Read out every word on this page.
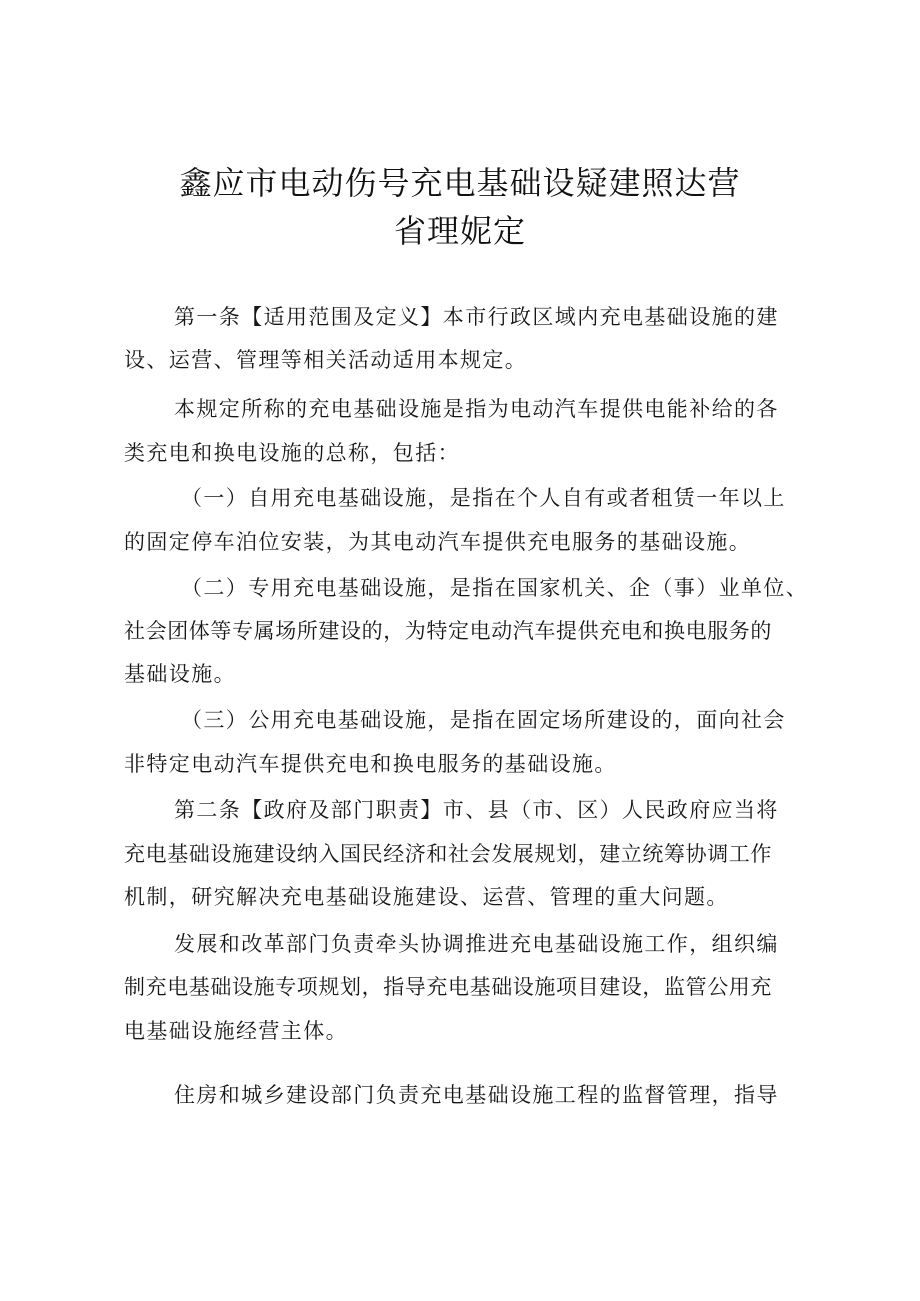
鑫应市电动伤号充电基础设疑建照达营
省理妮定
第一条【适用范围及定义】本市行政区域内充电基础设施的建
设、运营、管理等相关活动适用本规定。
本规定所称的充电基础设施是指为电动汽车提供电能补给的各
类充电和换电设施的总称，包括：
（一）自用充电基础设施，是指在个人自有或者租赁一年以上
的固定停车泊位安装，为其电动汽车提供充电服务的基础设施。
（二）专用充电基础设施，是指在国家机关、企（事）业单位、
社会团体等专属场所建设的，为特定电动汽车提供充电和换电服务的
基础设施。
（三）公用充电基础设施，是指在固定场所建设的，面向社会
非特定电动汽车提供充电和换电服务的基础设施。
第二条【政府及部门职责】市、县（市、区）人民政府应当将
充电基础设施建设纳入国民经济和社会发展规划，建立统筹协调工作
机制，研究解决充电基础设施建设、运营、管理的重大问题。
发展和改革部门负责牵头协调推进充电基础设施工作，组织编
制充电基础设施专项规划，指导充电基础设施项目建设，监管公用充
电基础设施经营主体。
住房和城乡建设部门负责充电基础设施工程的监督管理，指导
